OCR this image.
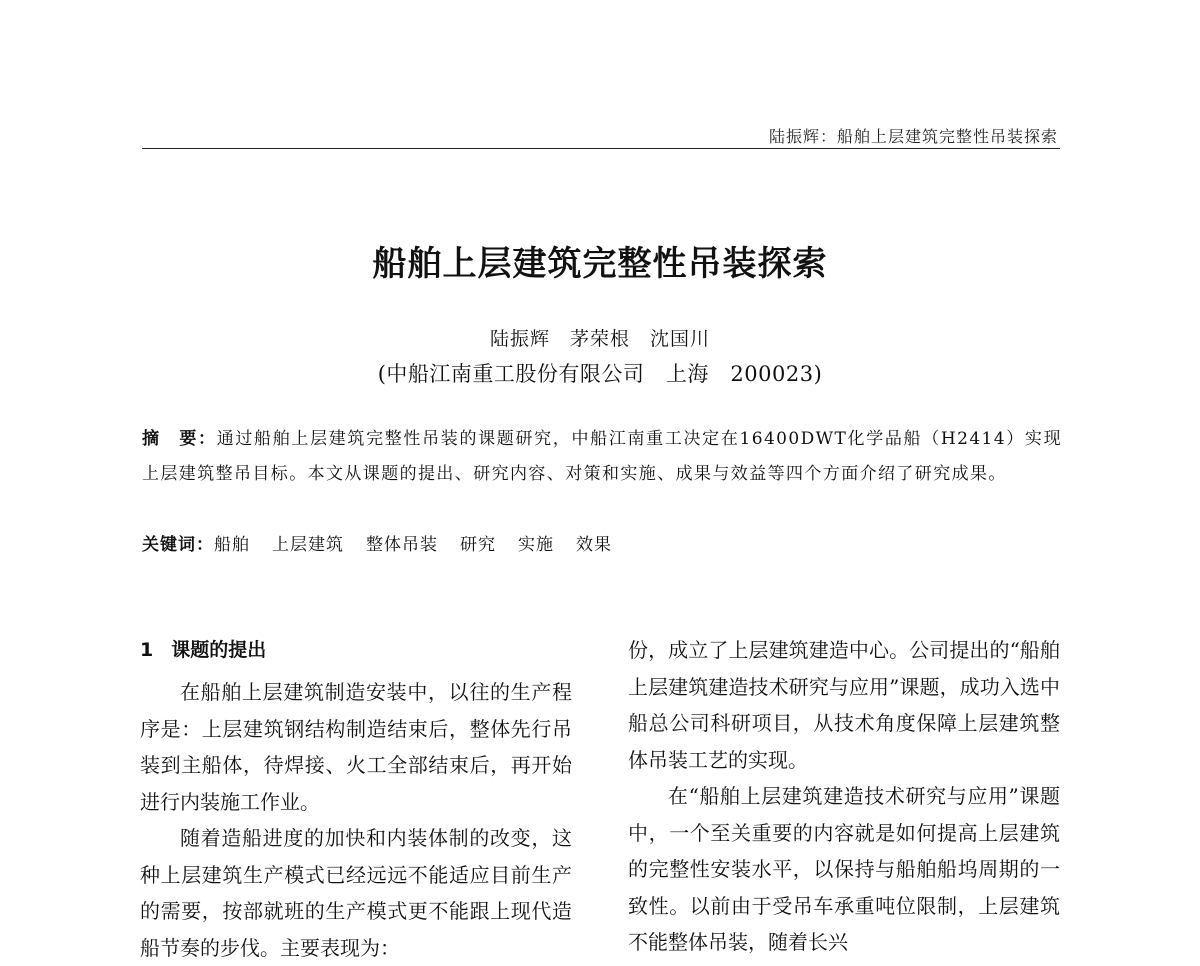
陆振辉：船舶上层建筑完整性吊装探索
船舶上层建筑完整性吊装探索
陆振辉　茅荣根　沈国川
(中船江南重工股份有限公司　上海　200023)
摘　要：通过船舶上层建筑完整性吊装的课题研究，中船江南重工决定在16400DWT化学品船（H2414）实现上层建筑整吊目标。本文从课题的提出、研究内容、对策和实施、成果与效益等四个方面介绍了研究成果。
关键词：船舶 上层建筑 整体吊装 研究 实施 效果
1 课题的提出

在船舶上层建筑制造安装中，以往的生产程序是：上层建筑钢结构制造结束后，整体先行吊装到主船体，待焊接、火工全部结束后，再开始进行内装施工作业。

随着造船进度的加快和内装体制的改变，这种上层建筑生产模式已经远远不能适应目前生产的需要，按部就班的生产模式更不能跟上现代造船节奏的步伐。主要表现为：

份，成立了上层建筑建造中心。公司提出的“船舶上层建筑建造技术研究与应用”课题，成功入选中船总公司科研项目，从技术角度保障上层建筑整体吊装工艺的实现。

在“船舶上层建筑建造技术研究与应用”课题中，一个至关重要的内容就是如何提高上层建筑的完整性安装水平，以保持与船舶船坞周期的一致性。以前由于受吊车承重吨位限制，上层建筑不能整体吊装，随着长兴
